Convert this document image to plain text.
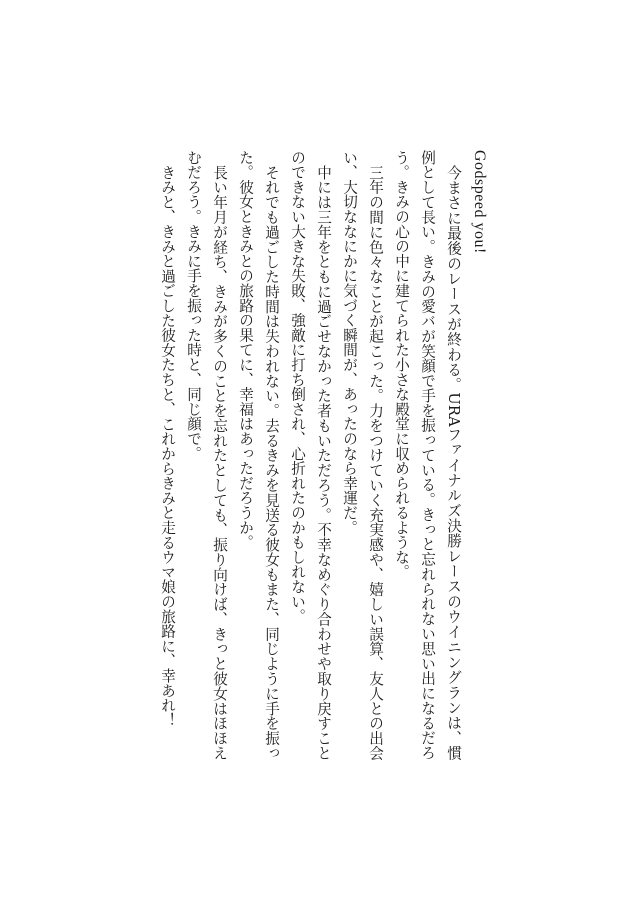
Godspeed you!

今まさに最後のレースが終わる。URAファイナルズ決勝レースのウイニングランは、慣例として長い。きみの愛バが笑顔で手を振っている。きっと忘れられない思い出になるだろう。きみの心の中に建てられた小さな殿堂に収められるような。

三年の間に色々なことが起こった。力をつけていく充実感や、嬉しい誤算、友人との出会い、大切ななにかに気づく瞬間が、あったのなら幸運だ。

中には三年をともに過ごせなかった者もいただろう。不幸なめぐり合わせや取り戻すことのできない大きな失敗、強敵に打ち倒され、心折れたのかもしれない。

それでも過ごした時間は失われない。去るきみを見送る彼女もまた、同じように手を振った。彼女ときみとの旅路の果てに、幸福はあっただろうか。

長い年月が経ち、きみが多くのことを忘れたとしても、振り向けば、きっと彼女はほほえむだろう。きみに手を振った時と、同じ顔で。

きみと、きみと過ごした彼女たちと、これからきみと走るウマ娘の旅路に、幸あれ！
